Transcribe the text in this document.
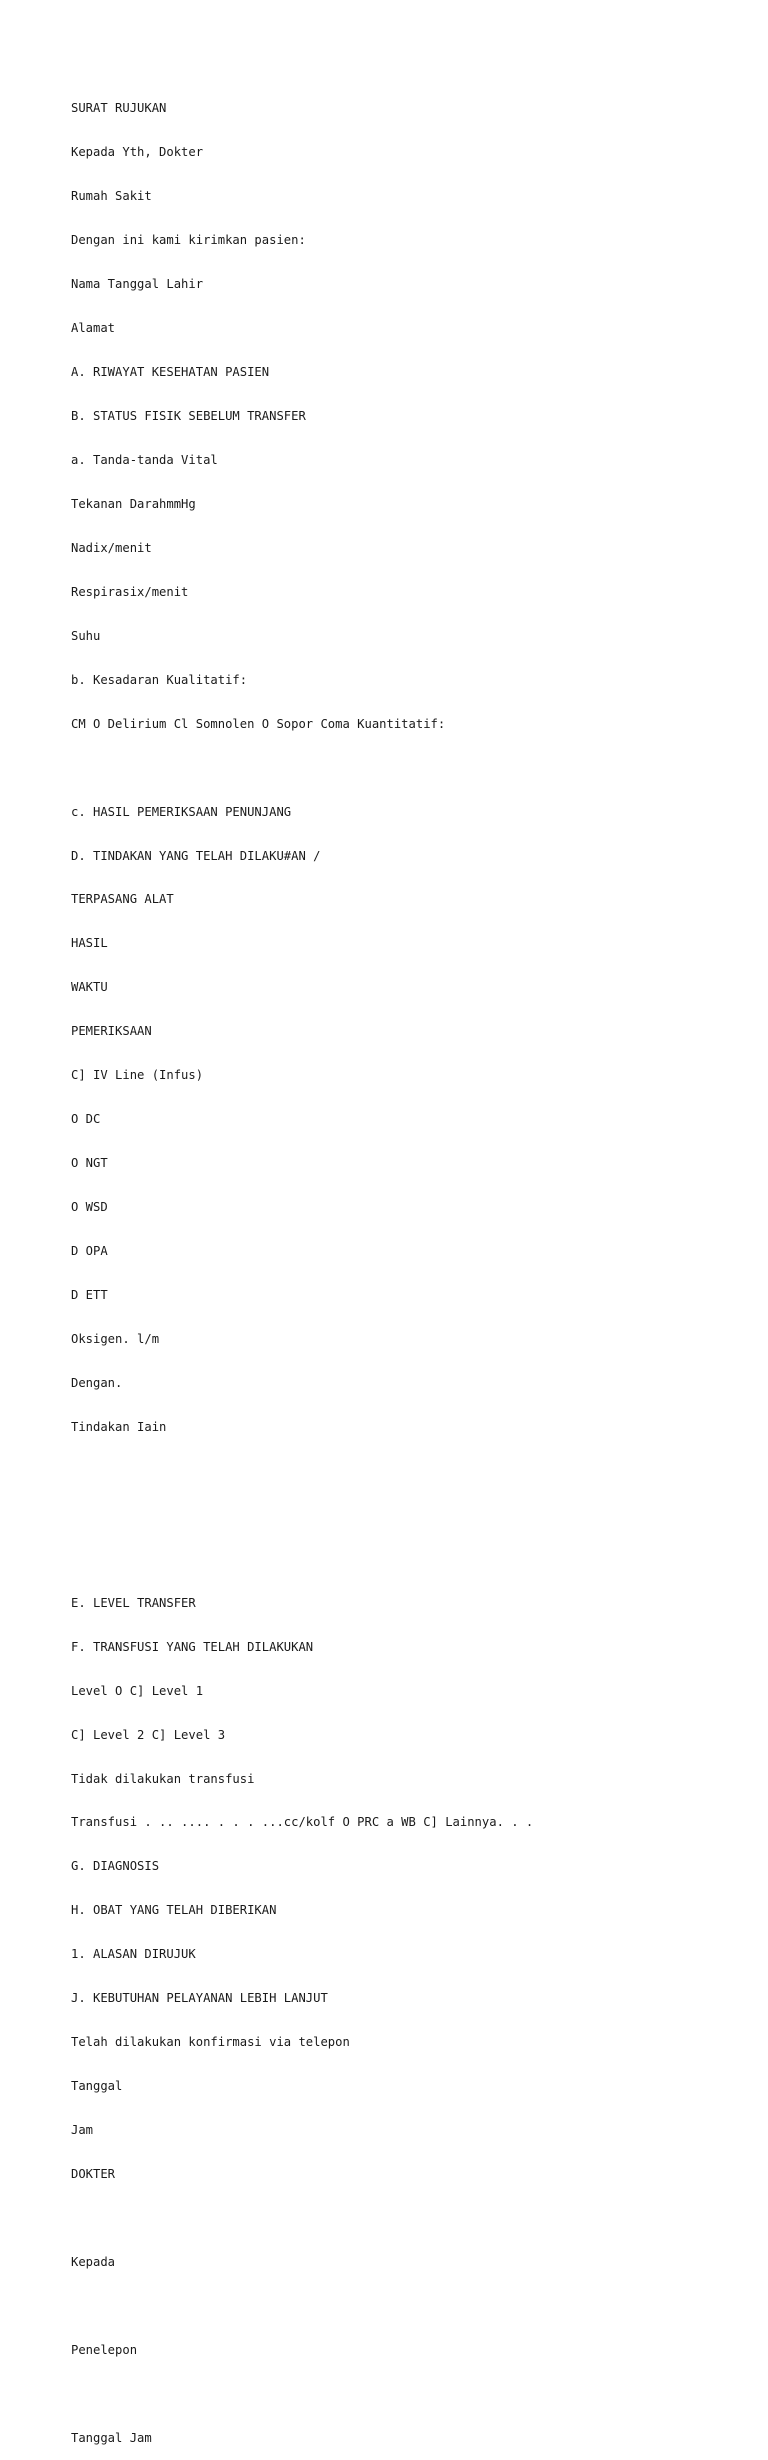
SURAT RUJUKAN

Kepada Yth, Dokter

Rumah Sakit

Dengan ini kami kirimkan pasien:

Nama Tanggal Lahir

Alamat

A. RIWAYAT KESEHATAN PASIEN

B. STATUS FISIK SEBELUM TRANSFER

a. Tanda-tanda Vital

Tekanan DarahmmHg

Nadix/menit

Respirasix/menit

Suhu

b. Kesadaran Kualitatif:

CM O Delirium Cl Somnolen O Sopor Coma Kuantitatif:

c. HASIL PEMERIKSAAN PENUNJANG

D. TINDAKAN YANG TELAH DILAKU#AN /

TERPASANG ALAT

HASIL

WAKTU

PEMERIKSAAN

C] IV Line (Infus)

O DC

O NGT

O WSD

D OPA

D ETT

Oksigen. l/m

Dengan.

Tindakan Iain

E. LEVEL TRANSFER

F. TRANSFUSI YANG TELAH DILAKUKAN

Level O C] Level 1

C] Level 2 C] Level 3

Tidak dilakukan transfusi

Transfusi . .. .... . . . ...cc/kolf O PRC a WB C] Lainnya. . .

G. DIAGNOSIS

H. OBAT YANG TELAH DIBERIKAN

1. ALASAN DIRUJUK

J. KEBUTUHAN PELAYANAN LEBIH LANJUT

Telah dilakukan konfirmasi via telepon

Tanggal

Jam

DOKTER

Kepada

Penelepon

Tanggal Jam
